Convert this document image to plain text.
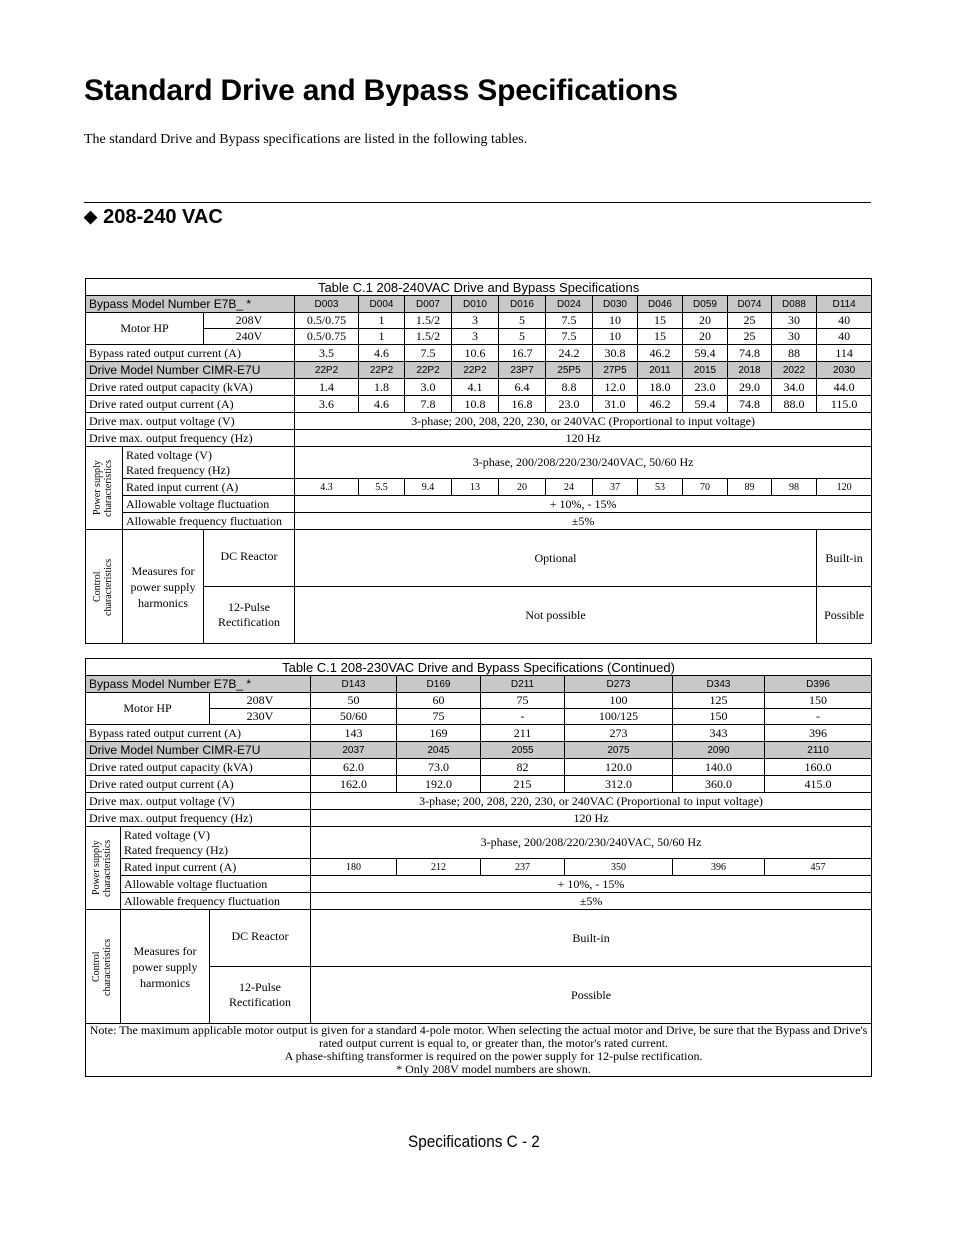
Standard Drive and Bypass Specifications

The standard Drive and Bypass specifications are listed in the following tables.

◆ 208-240 VAC
Table C.1 208-240VAC Drive and Bypass Specifications														
Bypass Model Number E7B_ *			D003	D004	D007	D010	D016	D024	D030	D046	D059	D074	D088	D114
Motor HP		208V	0.5/0.75	1	1.5/2	3	5	7.5	10	15	20	25	30	40
		240V	0.5/0.75	1	1.5/2	3	5	7.5	10	15	20	25	30	40
Bypass rated output current (A)			3.5	4.6	7.5	10.6	16.7	24.2	30.8	46.2	59.4	74.8	88	114
Drive Model Number CIMR-E7U			22P2	22P2	22P2	22P2	23P7	25P5	27P5	2011	2015	2018	2022	2030
Drive rated output capacity (kVA)			1.4	1.8	3.0	4.1	6.4	8.8	12.0	18.0	23.0	29.0	34.0	44.0
Drive rated output current (A)			3.6	4.6	7.8	10.8	16.8	23.0	31.0	46.2	59.4	74.8	88.0	115.0
Drive max. output voltage (V)			3-phase; 200, 208, 220, 230, or 240VAC (Proportional to input voltage)											
Drive max. output frequency (Hz)			120 Hz											

Power supply characteristics	Rated voltage (V)
Rated frequency (Hz)		3-phase, 200/208/220/230/240VAC, 50/60 Hz											
	Rated input current (A)		4.3	5.5	9.4	13	20	24	37	53	70	89	98	120
	Allowable voltage fluctuation		+ 10%, - 15%											
	Allowable frequency fluctuation		±5%											

Control characteristics	Measures for power supply harmonics	DC Reactor	Optional											Built-in
		12-Pulse Rectification	Not possible											Possible
Table C.1 208-230VAC Drive and Bypass Specifications (Continued)								
Bypass Model Number E7B_ *			D143	D169	D211	D273	D343	D396
Motor HP		208V	50	60	75	100	125	150
		230V	50/60	75	-	100/125	150	-
Bypass rated output current (A)			143	169	211	273	343	396
Drive Model Number CIMR-E7U			2037	2045	2055	2075	2090	2110
Drive rated output capacity (kVA)			62.0	73.0	82	120.0	140.0	160.0
Drive rated output current (A)			162.0	192.0	215	312.0	360.0	415.0
Drive max. output voltage (V)			3-phase; 200, 208, 220, 230, or 240VAC (Proportional to input voltage)					
Drive max. output frequency (Hz)			120 Hz					

Power supply characteristics	Rated voltage (V)
Rated frequency (Hz)		3-phase, 200/208/220/230/240VAC, 50/60 Hz					
	Rated input current (A)		180	212	237	350	396	457
	Allowable voltage fluctuation		+ 10%, - 15%					
	Allowable frequency fluctuation		±5%					

Control characteristics	Measures for power supply harmonics	DC Reactor	Built-in					
		12-Pulse Rectification	Possible					

Note: The maximum applicable motor output is given for a standard 4-pole motor. When selecting the actual motor and Drive, be sure that the Bypass and Drive's rated output current is equal to, or greater than, the motor's rated current.
A phase-shifting transformer is required on the power supply for 12-pulse rectification.
* Only 208V model numbers are shown.								

Specifications C - 2
